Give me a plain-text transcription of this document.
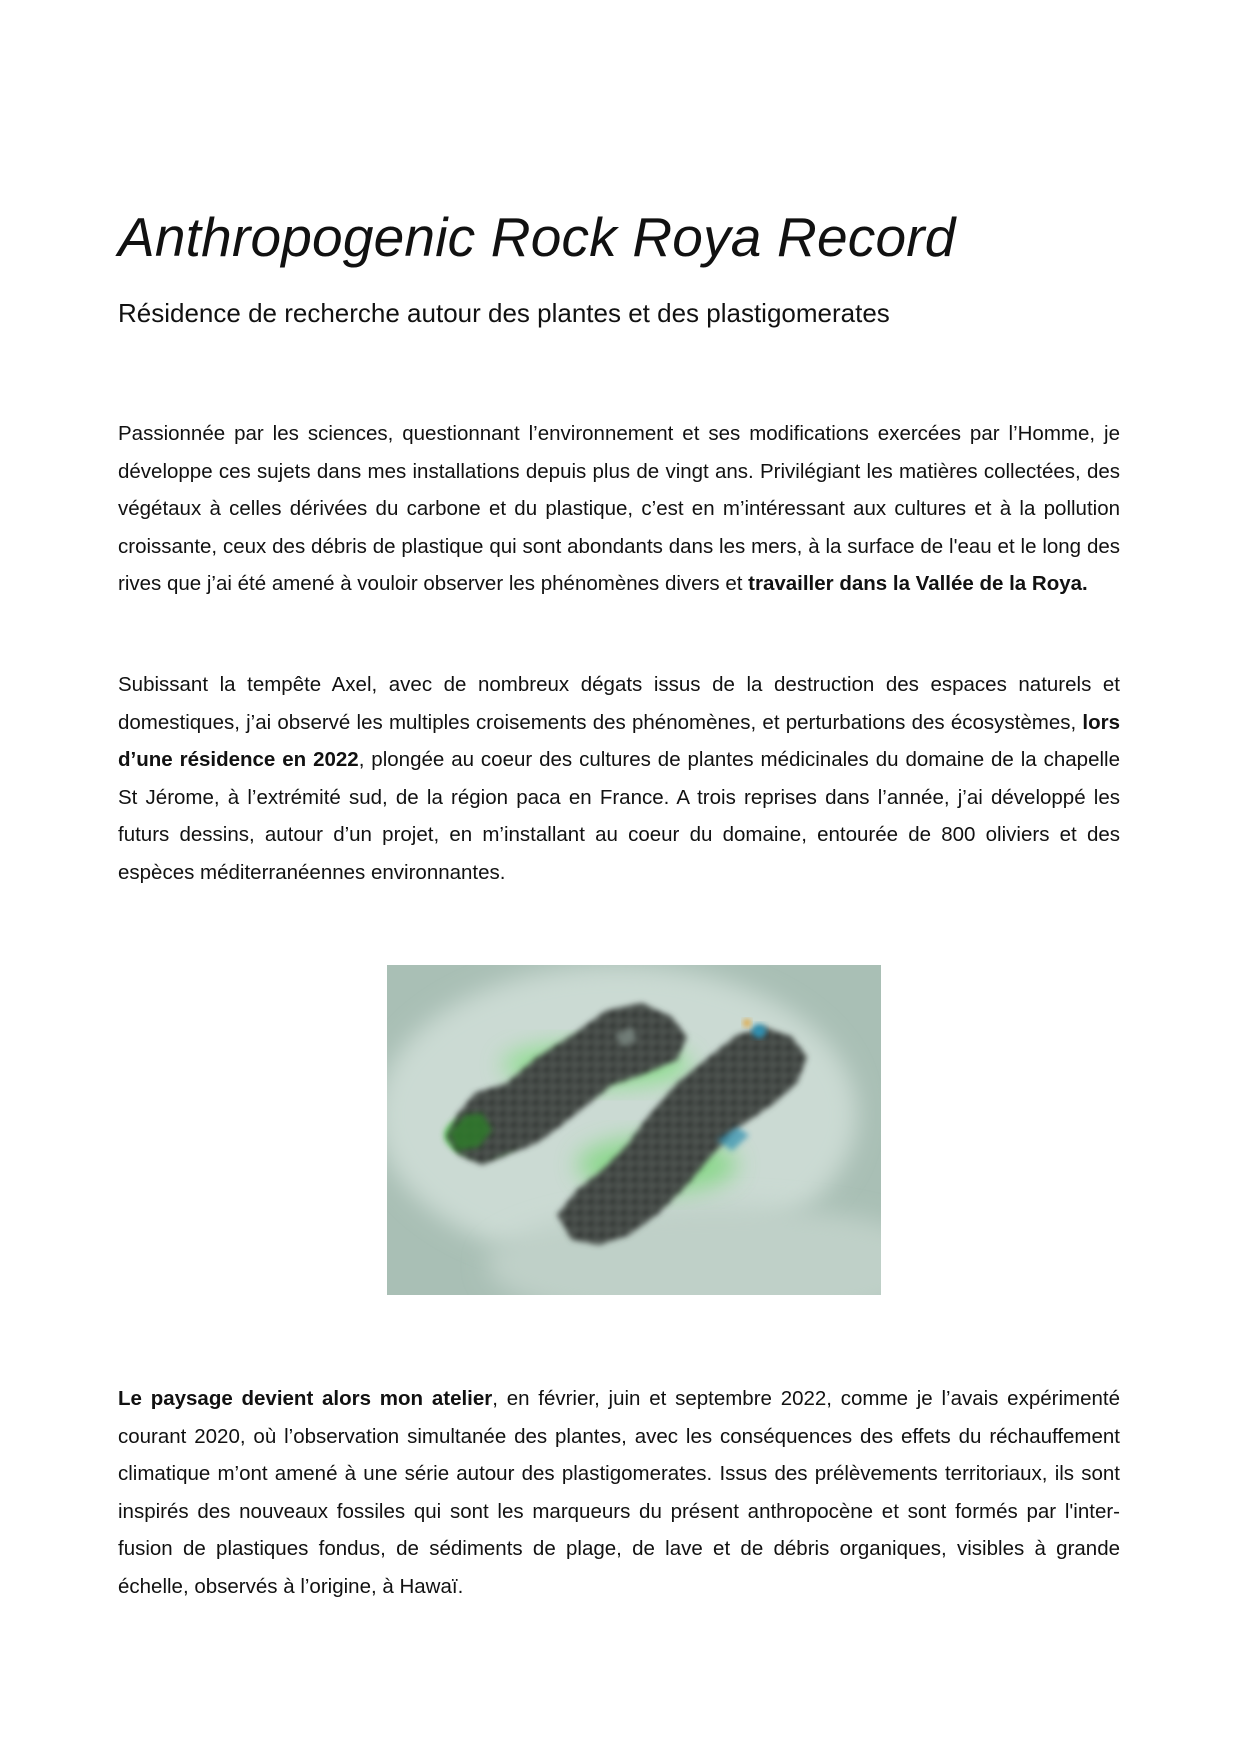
Anthropogenic Rock Roya Record
Résidence de recherche autour des plantes et des plastigomerates

Passionnée par les sciences, questionnant l’environnement et ses modifications exercées par l’Homme, je développe ces sujets dans mes installations depuis plus de vingt ans. Privilégiant les matières collectées, des végétaux à celles dérivées du carbone et du plastique, c’est en m’intéressant aux cultures et à la pollution croissante, ceux des débris de plastique qui sont abondants dans les mers, à la surface de l'eau et le long des rives que j’ai été amené à vouloir observer les phénomènes divers et travailler dans la Vallée de la Roya.

Subissant la tempête Axel, avec de nombreux dégats issus de la destruction des espaces naturels et domestiques, j’ai observé les multiples croisements des phénomènes, et perturbations des écosystèmes, lors d’une résidence en 2022, plongée au coeur des cultures de plantes médicinales du domaine de la chapelle St Jérome, à l’extrémité sud, de la région paca en France. A trois reprises dans l’année, j’ai développé les futurs dessins, autour d’un projet, en m’installant au coeur du domaine, entourée de 800 oliviers et des espèces méditerranéennes environnantes.

Le paysage devient alors mon atelier, en février, juin et septembre 2022, comme je l’avais expérimenté courant 2020, où l’observation simultanée des plantes, avec les conséquences des effets du réchauffement climatique m’ont amené à une série autour des plastigomerates. Issus des prélèvements territoriaux, ils sont inspirés des nouveaux fossiles qui sont les marqueurs du présent anthropocène et sont formés par l'inter-fusion de plastiques fondus, de sédiments de plage, de lave et de débris organiques, visibles à grande échelle, observés à l’origine, à Hawaï.
